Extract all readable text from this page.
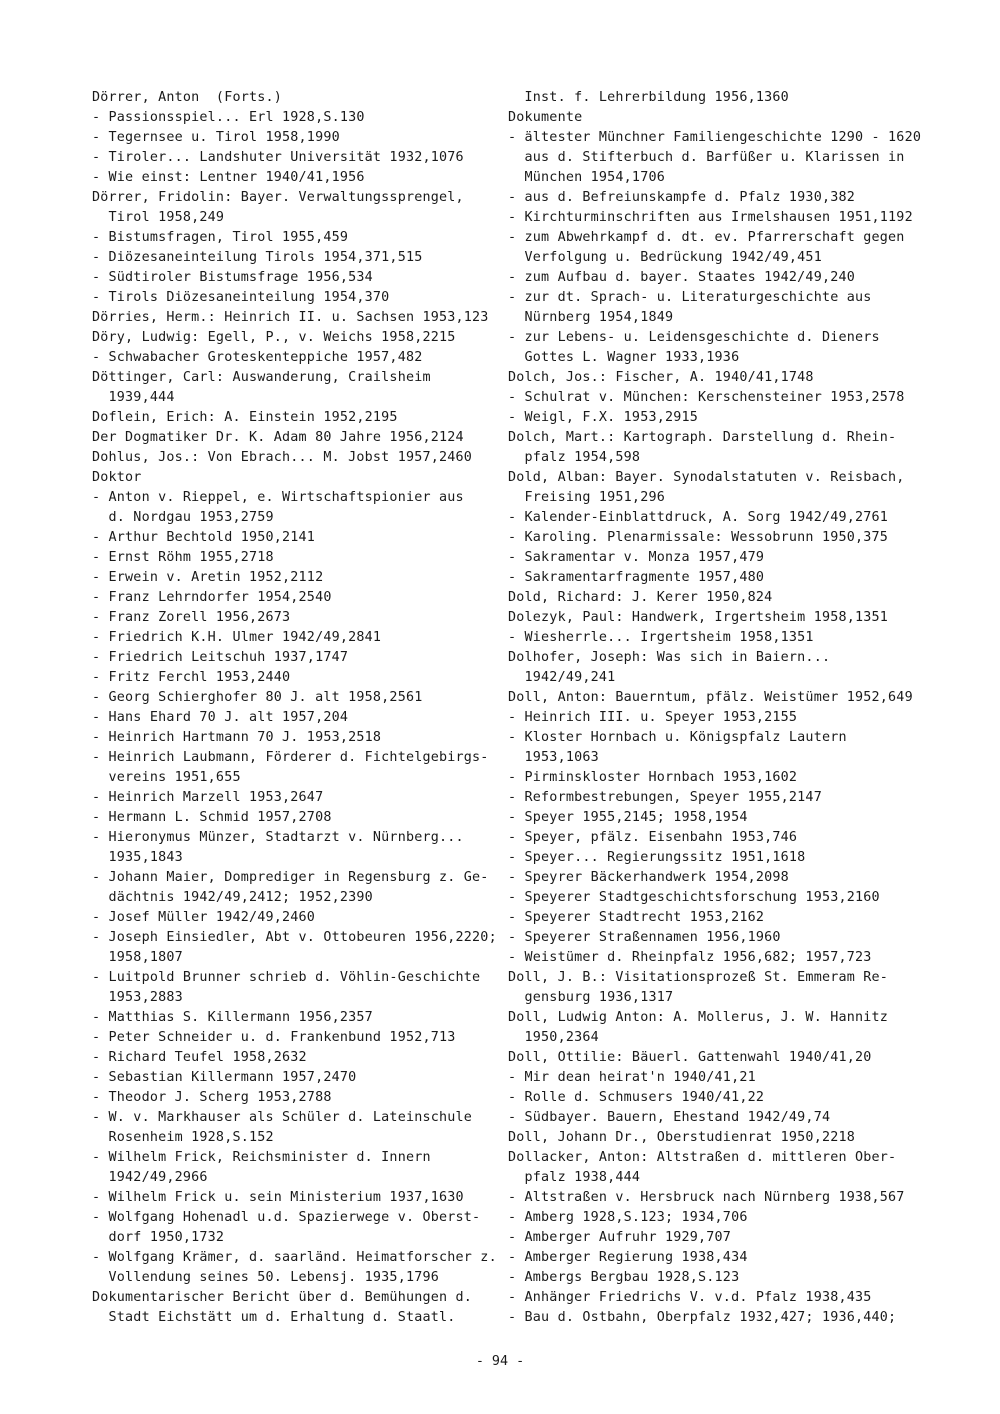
Dörrer, Anton  (Forts.)
- Passionsspiel... Erl 1928,S.130
- Tegernsee u. Tirol 1958,1990
- Tiroler... Landshuter Universität 1932,1076
- Wie einst: Lentner 1940/41,1956
Dörrer, Fridolin: Bayer. Verwaltungssprengel,
Tirol 1958,249
- Bistumsfragen, Tirol 1955,459
- Diözesaneinteilung Tirols 1954,371,515
- Südtiroler Bistumsfrage 1956,534
- Tirols Diözesaneinteilung 1954,370
Dörries, Herm.: Heinrich II. u. Sachsen 1953,123
Döry, Ludwig: Egell, P., v. Weichs 1958,2215
- Schwabacher Groteskenteppiche 1957,482
Döttinger, Carl: Auswanderung, Crailsheim
1939,444
Doflein, Erich: A. Einstein 1952,2195
Der Dogmatiker Dr. K. Adam 80 Jahre 1956,2124
Dohlus, Jos.: Von Ebrach... M. Jobst 1957,2460
Doktor
- Anton v. Rieppel, e. Wirtschaftspionier aus
d. Nordgau 1953,2759
- Arthur Bechtold 1950,2141
- Ernst Röhm 1955,2718
- Erwein v. Aretin 1952,2112
- Franz Lehrndorfer 1954,2540
- Franz Zorell 1956,2673
- Friedrich K.H. Ulmer 1942/49,2841
- Friedrich Leitschuh 1937,1747
- Fritz Ferchl 1953,2440
- Georg Schierghofer 80 J. alt 1958,2561
- Hans Ehard 70 J. alt 1957,204
- Heinrich Hartmann 70 J. 1953,2518
- Heinrich Laubmann, Förderer d. Fichtelgebirgs-
vereins 1951,655
- Heinrich Marzell 1953,2647
- Hermann L. Schmid 1957,2708
- Hieronymus Münzer, Stadtarzt v. Nürnberg...
1935,1843
- Johann Maier, Domprediger in Regensburg z. Ge-
dächtnis 1942/49,2412; 1952,2390
- Josef Müller 1942/49,2460
- Joseph Einsiedler, Abt v. Ottobeuren 1956,2220;
1958,1807
- Luitpold Brunner schrieb d. Vöhlin-Geschichte
1953,2883
- Matthias S. Killermann 1956,2357
- Peter Schneider u. d. Frankenbund 1952,713
- Richard Teufel 1958,2632
- Sebastian Killermann 1957,2470
- Theodor J. Scherg 1953,2788
- W. v. Markhauser als Schüler d. Lateinschule
Rosenheim 1928,S.152
- Wilhelm Frick, Reichsminister d. Innern
1942/49,2966
- Wilhelm Frick u. sein Ministerium 1937,1630
- Wolfgang Hohenadl u.d. Spazierwege v. Oberst-
dorf 1950,1732
- Wolfgang Krämer, d. saarländ. Heimatforscher z.
Vollendung seines 50. Lebensj. 1935,1796
Dokumentarischer Bericht über d. Bemühungen d.
Stadt Eichstätt um d. Erhaltung d. Staatl.
Inst. f. Lehrerbildung 1956,1360
Dokumente
- ältester Münchner Familiengeschichte 1290 - 1620
aus d. Stifterbuch d. Barfüßer u. Klarissen in
München 1954,1706
- aus d. Befreiunskampfe d. Pfalz 1930,382
- Kirchturminschriften aus Irmelshausen 1951,1192
- zum Abwehrkampf d. dt. ev. Pfarrerschaft gegen
Verfolgung u. Bedrückung 1942/49,451
- zum Aufbau d. bayer. Staates 1942/49,240
- zur dt. Sprach- u. Literaturgeschichte aus
Nürnberg 1954,1849
- zur Lebens- u. Leidensgeschichte d. Dieners
Gottes L. Wagner 1933,1936
Dolch, Jos.: Fischer, A. 1940/41,1748
- Schulrat v. München: Kerschensteiner 1953,2578
- Weigl, F.X. 1953,2915
Dolch, Mart.: Kartograph. Darstellung d. Rhein-
pfalz 1954,598
Dold, Alban: Bayer. Synodalstatuten v. Reisbach,
Freising 1951,296
- Kalender-Einblattdruck, A. Sorg 1942/49,2761
- Karoling. Plenarmissale: Wessobrunn 1950,375
- Sakramentar v. Monza 1957,479
- Sakramentarfragmente 1957,480
Dold, Richard: J. Kerer 1950,824
Dolezyk, Paul: Handwerk, Irgertsheim 1958,1351
- Wiesherrle... Irgertsheim 1958,1351
Dolhofer, Joseph: Was sich in Baiern...
1942/49,241
Doll, Anton: Bauerntum, pfälz. Weistümer 1952,649
- Heinrich III. u. Speyer 1953,2155
- Kloster Hornbach u. Königspfalz Lautern
1953,1063
- Pirminskloster Hornbach 1953,1602
- Reformbestrebungen, Speyer 1955,2147
- Speyer 1955,2145; 1958,1954
- Speyer, pfälz. Eisenbahn 1953,746
- Speyer... Regierungssitz 1951,1618
- Speyrer Bäckerhandwerk 1954,2098
- Speyerer Stadtgeschichtsforschung 1953,2160
- Speyerer Stadtrecht 1953,2162
- Speyerer Straßennamen 1956,1960
- Weistümer d. Rheinpfalz 1956,682; 1957,723
Doll, J. B.: Visitationsprozeß St. Emmeram Re-
gensburg 1936,1317
Doll, Ludwig Anton: A. Mollerus, J. W. Hannitz
1950,2364
Doll, Ottilie: Bäuerl. Gattenwahl 1940/41,20
- Mir dean heirat'n 1940/41,21
- Rolle d. Schmusers 1940/41,22
- Südbayer. Bauern, Ehestand 1942/49,74
Doll, Johann Dr., Oberstudienrat 1950,2218
Dollacker, Anton: Altstraßen d. mittleren Ober-
pfalz 1938,444
- Altstraßen v. Hersbruck nach Nürnberg 1938,567
- Amberg 1928,S.123; 1934,706
- Amberger Aufruhr 1929,707
- Amberger Regierung 1938,434
- Ambergs Bergbau 1928,S.123
- Anhänger Friedrichs V. v.d. Pfalz 1938,435
- Bau d. Ostbahn, Oberpfalz 1932,427; 1936,440;
- 94 -
